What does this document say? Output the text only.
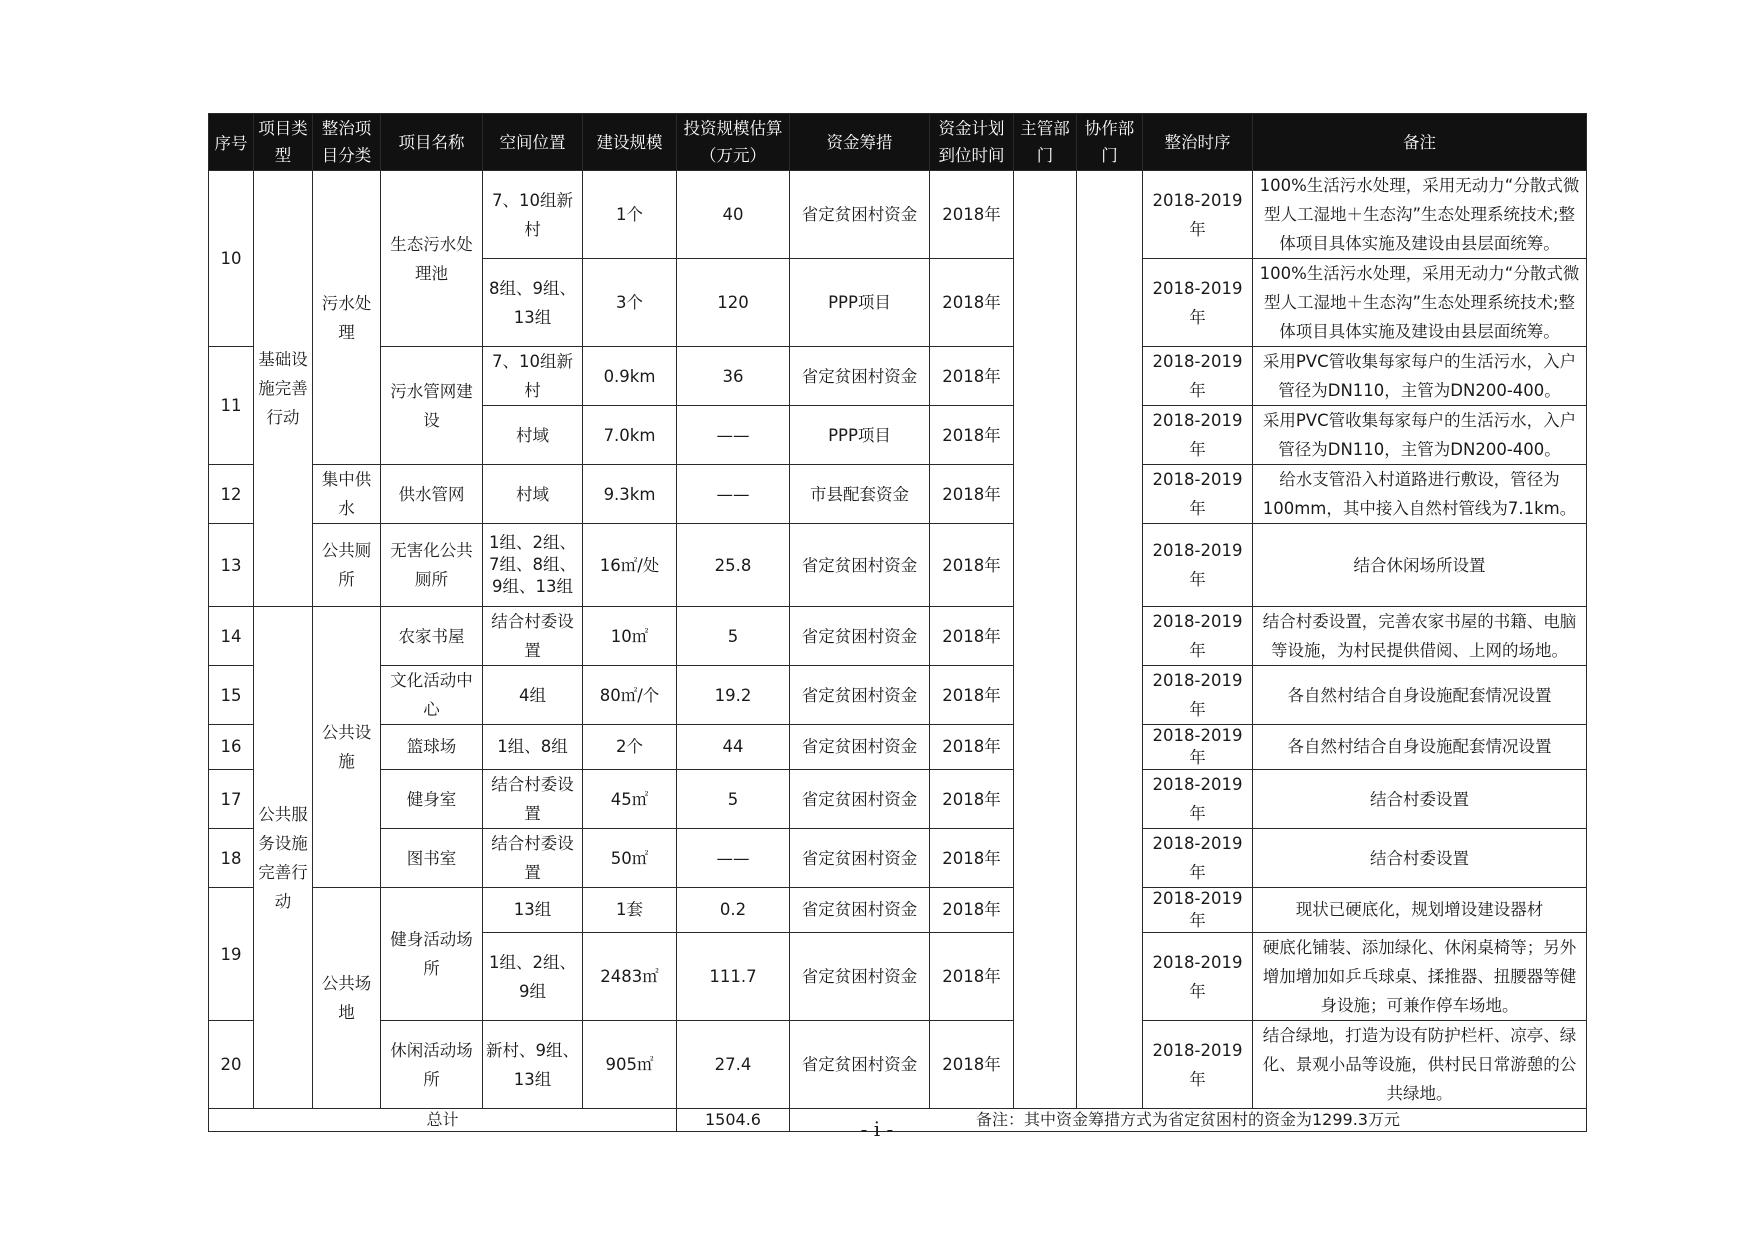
序号	项目类型	整治项目分类	项目名称	空间位置	建设规模	投资规模估算（万元）	资金筹措	资金计划到位时间	主管部门	协作部门	整治时序	备注
10	基础设施完善行动	污水处理	生态污水处理池	7、10组新村	1个	40	省定贫困村资金	2018年			2018-2019年	100%生活污水处理，采用无动力“分散式微型人工湿地＋生态沟”生态处理系统技术;整体项目具体实施及建设由县层面统筹。
				8组、9组、13组	3个	120	PPP项目	2018年			2018-2019年	100%生活污水处理，采用无动力“分散式微型人工湿地＋生态沟”生态处理系统技术;整体项目具体实施及建设由县层面统筹。
11			污水管网建设	7、10组新村	0.9km	36	省定贫困村资金	2018年			2018-2019年	采用PVC管收集每家每户的生活污水，入户管径为DN110，主管为DN200-400。
				村域	7.0km	——	PPP项目	2018年			2018-2019年	采用PVC管收集每家每户的生活污水，入户管径为DN110，主管为DN200-400。
12		集中供水	供水管网	村域	9.3km	——	市县配套资金	2018年			2018-2019年	给水支管沿入村道路进行敷设，管径为100mm，其中接入自然村管线为7.1km。
13		公共厕所	无害化公共厕所	1组、2组、7组、8组、9组、13组	16㎡/处	25.8	省定贫困村资金	2018年			2018-2019年	结合休闲场所设置
14	公共服务设施完善行动	公共设施	农家书屋	结合村委设置	10㎡	5	省定贫困村资金	2018年			2018-2019年	结合村委设置，完善农家书屋的书籍、电脑等设施，为村民提供借阅、上网的场地。
15			文化活动中心	4组	80㎡/个	19.2	省定贫困村资金	2018年			2018-2019年	各自然村结合自身设施配套情况设置
16			篮球场	1组、8组	2个	44	省定贫困村资金	2018年			2018-2019年	各自然村结合自身设施配套情况设置
17			健身室	结合村委设置	45㎡	5	省定贫困村资金	2018年			2018-2019年	结合村委设置
18			图书室	结合村委设置	50㎡	——	省定贫困村资金	2018年			2018-2019年	结合村委设置
19		公共场地	健身活动场所	13组	1套	0.2	省定贫困村资金	2018年			2018-2019年	现状已硬底化，规划增设建设器材
				1组、2组、9组	2483㎡	111.7	省定贫困村资金	2018年			2018-2019年	硬底化铺装、添加绿化、休闲桌椅等；另外增加增加如乒乓球桌、揉推器、扭腰器等健身设施；可兼作停车场地。
20			休闲活动场所	新村、9组、13组	905㎡	27.4	省定贫困村资金	2018年			2018-2019年	结合绿地，打造为设有防护栏杆、凉亭、绿化、景观小品等设施，供村民日常游憩的公共绿地。
总计						1504.6	备注：其中资金筹措方式为省定贫困村的资金为1299.3万元					
- i -
